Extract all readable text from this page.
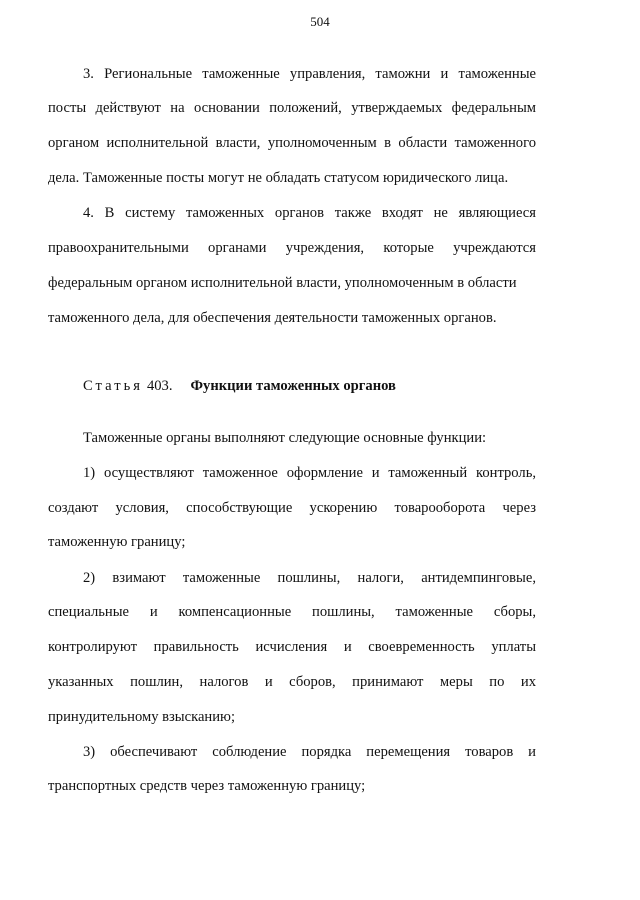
504
3. Региональные таможенные управления, таможни и таможенные
посты действуют на основании положений, утверждаемых федеральным
органом исполнительной власти, уполномоченным в области таможенного
дела. Таможенные посты могут не обладать статусом юридического лица.
4. В систему таможенных органов также входят не являющиеся
правоохранительными органами учреждения, которые учреждаются
федеральным органом исполнительной власти, уполномоченным в области
таможенного дела, для обеспечения деятельности таможенных органов.
Статья 403. Функции таможенных органов
Таможенные органы выполняют следующие основные функции:
1) осуществляют таможенное оформление и таможенный контроль,
создают условия, способствующие ускорению товарооборота через
таможенную границу;
2) взимают таможенные пошлины, налоги, антидемпинговые,
специальные и компенсационные пошлины, таможенные сборы,
контролируют правильность исчисления и своевременность уплаты
указанных пошлин, налогов и сборов, принимают меры по их
принудительному взысканию;
3) обеспечивают соблюдение порядка перемещения товаров и
транспортных средств через таможенную границу;
